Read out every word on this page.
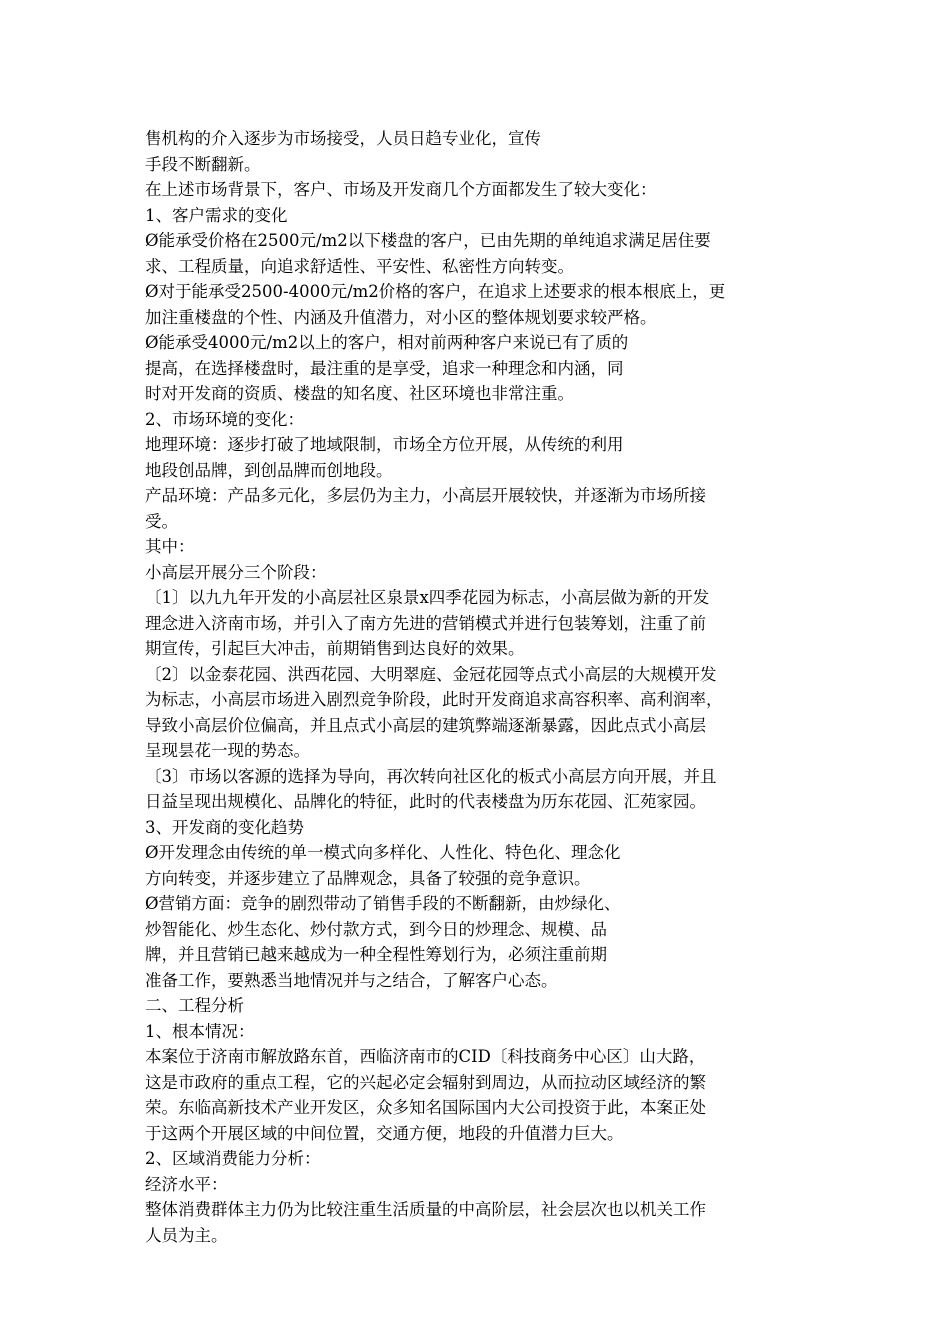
售机构的介入逐步为市场接受，人员日趋专业化，宣传
手段不断翻新。
在上述市场背景下，客户、市场及开发商几个方面都发生了较大变化：
1、客户需求的变化
Ø能承受价格在2500元/m2以下楼盘的客户，已由先期的单纯追求满足居住要
求、工程质量，向追求舒适性、平安性、私密性方向转变。
Ø对于能承受2500-4000元/m2价格的客户，在追求上述要求的根本根底上，更
加注重楼盘的个性、内涵及升值潜力，对小区的整体规划要求较严格。
Ø能承受4000元/m2以上的客户，相对前两种客户来说已有了质的
提高，在选择楼盘时，最注重的是享受，追求一种理念和内涵，同
时对开发商的资质、楼盘的知名度、社区环境也非常注重。
2、市场环境的变化：
地理环境：逐步打破了地域限制，市场全方位开展，从传统的利用
地段创品牌，到创品牌而创地段。
产品环境：产品多元化，多层仍为主力，小高层开展较快，并逐渐为市场所接
受。
其中：
小高层开展分三个阶段：
〔1〕以九九年开发的小高层社区泉景x四季花园为标志，小高层做为新的开发
理念进入济南市场，并引入了南方先进的营销模式并进行包装筹划，注重了前
期宣传，引起巨大冲击，前期销售到达良好的效果。
〔2〕以金泰花园、洪西花园、大明翠庭、金冠花园等点式小高层的大规模开发
为标志，小高层市场进入剧烈竞争阶段，此时开发商追求高容积率、高利润率，
导致小高层价位偏高，并且点式小高层的建筑弊端逐渐暴露，因此点式小高层
呈现昙花一现的势态。
〔3〕市场以客源的选择为导向，再次转向社区化的板式小高层方向开展，并且
日益呈现出规模化、品牌化的特征，此时的代表楼盘为历东花园、汇苑家园。
3、开发商的变化趋势
Ø开发理念由传统的单一模式向多样化、人性化、特色化、理念化
方向转变，并逐步建立了品牌观念，具备了较强的竞争意识。
Ø营销方面：竞争的剧烈带动了销售手段的不断翻新，由炒绿化、
炒智能化、炒生态化、炒付款方式，到今日的炒理念、规模、品
牌，并且营销已越来越成为一种全程性筹划行为，必须注重前期
准备工作，要熟悉当地情况并与之结合，了解客户心态。
二、工程分析
1、根本情况：
本案位于济南市解放路东首，西临济南市的CID〔科技商务中心区〕山大路，
这是市政府的重点工程，它的兴起必定会辐射到周边，从而拉动区域经济的繁
荣。东临高新技术产业开发区，众多知名国际国内大公司投资于此，本案正处
于这两个开展区域的中间位置，交通方便，地段的升值潜力巨大。
2、区域消费能力分析：
经济水平：
整体消费群体主力仍为比较注重生活质量的中高阶层，社会层次也以机关工作
人员为主。
